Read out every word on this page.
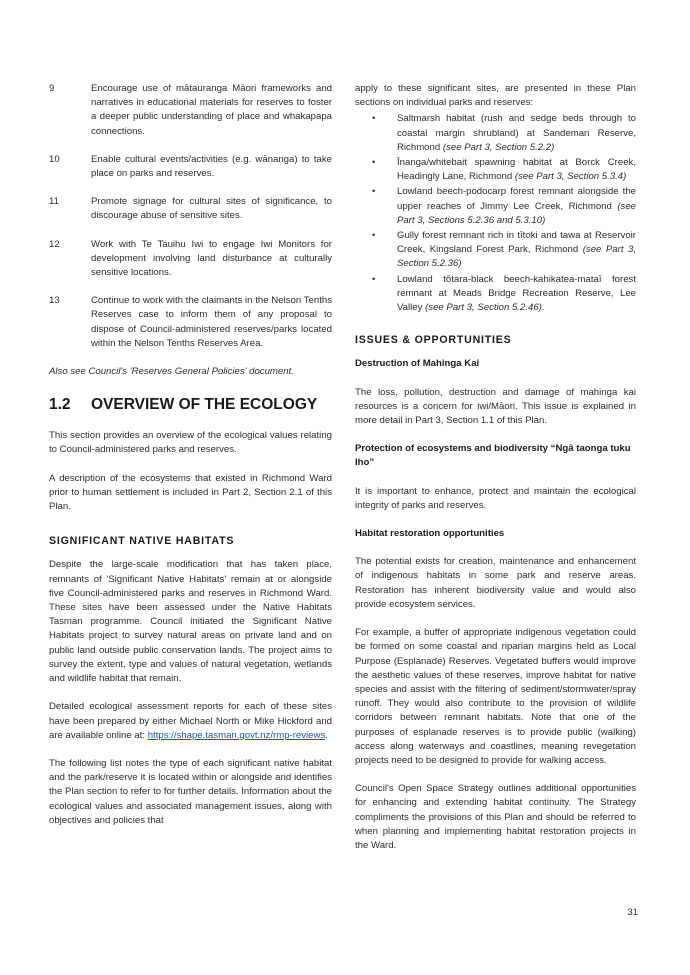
9	Encourage use of mātauranga Māori frameworks and narratives in educational materials for reserves to foster a deeper public understanding of place and whakapapa connections.
10	Enable cultural events/activities (e.g. wānanga) to take place on parks and reserves.
11	Promote signage for cultural sites of significance, to discourage abuse of sensitive sites.
12	Work with Te Tauihu Iwi to engage Iwi Monitors for development involving land disturbance at culturally sensitive locations.
13	Continue to work with the claimants in the Nelson Tenths Reserves case to inform them of any proposal to dispose of Council-administered reserves/parks located within the Nelson Tenths Reserves Area.

Also see Council's 'Reserves General Policies' document.

1.2 OVERVIEW OF THE ECOLOGY

This section provides an overview of the ecological values relating to Council-administered parks and reserves.

A description of the ecosystems that existed in Richmond Ward prior to human settlement is included in Part 2, Section 2.1 of this Plan.

SIGNIFICANT NATIVE HABITATS

Despite the large-scale modification that has taken place, remnants of 'Significant Native Habitats' remain at or alongside five Council-administered parks and reserves in Richmond Ward. These sites have been assessed under the Native Habitats Tasman programme. Council initiated the Significant Native Habitats project to survey natural areas on private land and on public land outside public conservation lands. The project aims to survey the extent, type and values of natural vegetation, wetlands and wildlife habitat that remain.

Detailed ecological assessment reports for each of these sites have been prepared by either Michael North or Mike Hickford and are available online at: https://shape.tasman.govt.nz/rmp-reviews.

The following list notes the type of each significant native habitat and the park/reserve it is located within or alongside and identifies the Plan section to refer to for further details. Information about the ecological values and associated management issues, along with objectives and policies that

apply to these significant sites, are presented in these Plan sections on individual parks and reserves:

• Saltmarsh habitat (rush and sedge beds through to coastal margin shrubland) at Sandeman Reserve, Richmond (see Part 3, Section 5.2.2)
• Īnanga/whitebait spawning habitat at Borck Creek, Headingly Lane, Richmond (see Part 3, Section 5.3.4)
• Lowland beech-podocarp forest remnant alongside the upper reaches of Jimmy Lee Creek, Richmond (see Part 3, Sections 5.2.36 and 5.3.10)
• Gully forest remnant rich in tītoki and tawa at Reservoir Creek, Kingsland Forest Park, Richmond (see Part 3, Section 5.2.36)
• Lowland tōtara-black beech-kahikatea-mataī forest remnant at Meads Bridge Recreation Reserve, Lee Valley (see Part 3, Section 5.2.46).
ISSUES & OPPORTUNITIES
Destruction of Mahinga Kai

The loss, pollution, destruction and damage of mahinga kai resources is a concern for iwi/Māori. This issue is explained in more detail in Part 3, Section 1.1 of this Plan.

Protection of ecosystems and biodiversity “Ngā taonga tuku Iho”

It is important to enhance, protect and maintain the ecological integrity of parks and reserves.

Habitat restoration opportunities

The potential exists for creation, maintenance and enhancement of indigenous habitats in some park and reserve areas. Restoration has inherent biodiversity value and would also provide ecosystem services.

For example, a buffer of appropriate indigenous vegetation could be formed on some coastal and riparian margins held as Local Purpose (Esplanade) Reserves. Vegetated buffers would improve the aesthetic values of these reserves, improve habitat for native species and assist with the filtering of sediment/stormwater/spray runoff. They would also contribute to the provision of wildlife corridors between remnant habitats. Note that one of the purposes of esplanade reserves is to provide public (walking) access along waterways and coastlines, meaning revegetation projects need to be designed to provide for walking access.

Council's Open Space Strategy outlines additional opportunities for enhancing and extending habitat continuity. The Strategy compliments the provisions of this Plan and should be referred to when planning and implementing habitat restoration projects in the Ward.

31
